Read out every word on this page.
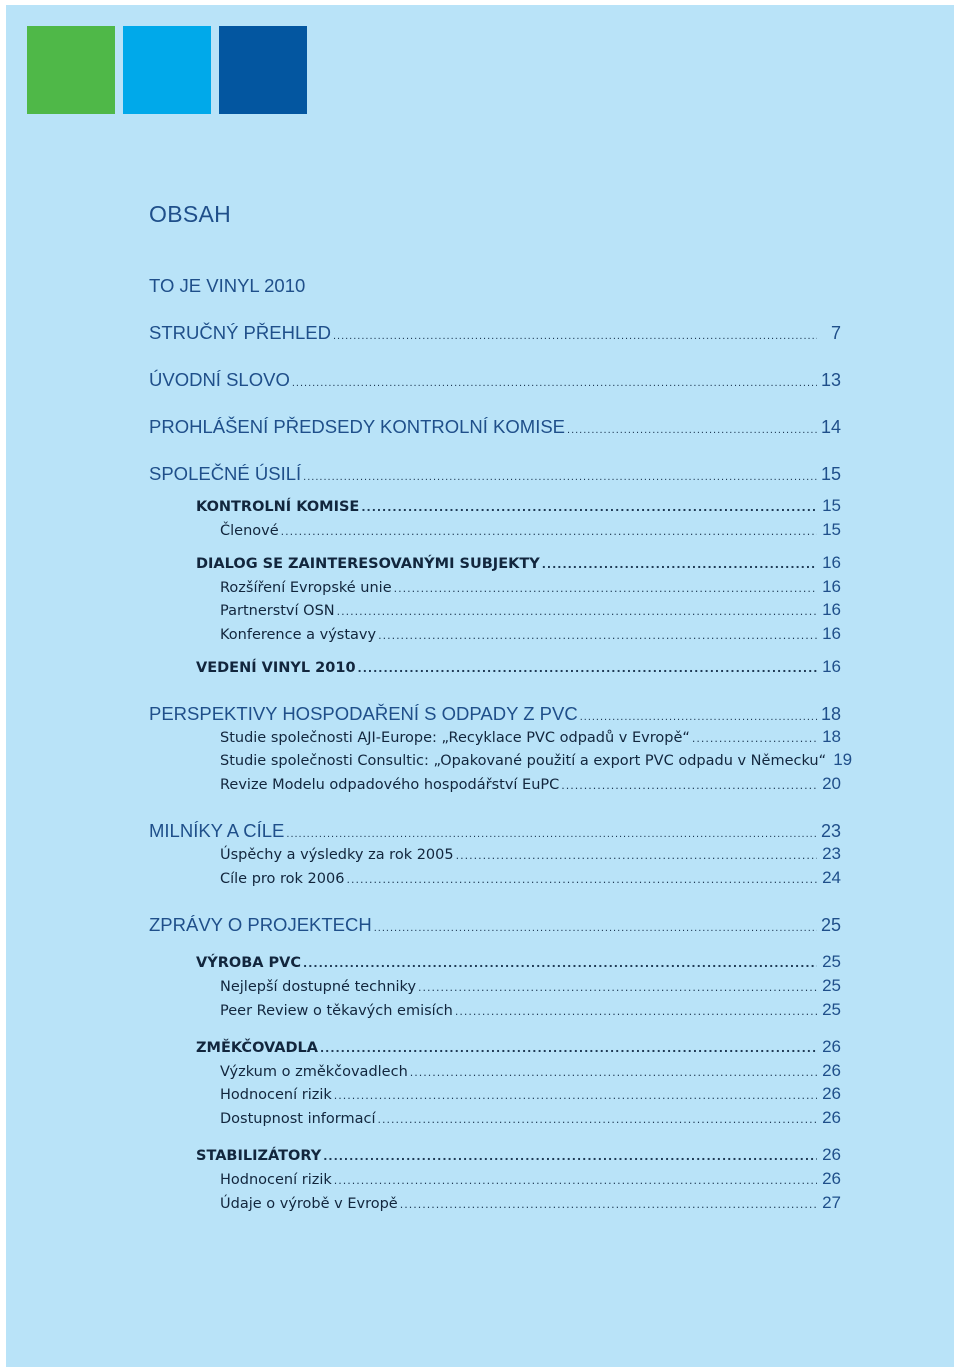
OBSAH
TO JE VINYL 2010
STRUČNÝ PŘEHLED .....	7
ÚVODNÍ SLOVO .....	13
PROHLÁŠENÍ PŘEDSEDY KONTROLNÍ KOMISE .....	14
SPOLEČNÉ ÚSILÍ .....	15
KONTROLNÍ KOMISE .....	15
Členové .....	15
DIALOG SE ZAINTERESOVANÝMI SUBJEKTY .....	16
Rozšíření Evropské unie .....	16
Partnerství OSN .....	16
Konference a výstavy .....	16
VEDENÍ VINYL 2010 .....	16
PERSPEKTIVY HOSPODAŘENÍ S ODPADY Z PVC .....	18
Studie společnosti AJI-Europe: „Recyklace PVC odpadů v Evropě“ .....	18
Studie společnosti Consultic: „Opakované použití a export PVC odpadu v Německu“ 19
Revize Modelu odpadového hospodářství EuPC .....	20
MILNÍKY A CÍLE .....	23
Úspěchy a výsledky za rok 2005 .....	23
Cíle pro rok 2006 .....	24
ZPRÁVY O PROJEKTECH .....	25
VÝROBA PVC .....	25
Nejlepší dostupné techniky .....	25
Peer Review o těkavých emisích .....	25
ZMĚKČOVADLA .....	26
Výzkum o změkčovadlech .....	26
Hodnocení rizik .....	26
Dostupnost informací .....	26
STABILIZÁTORY .....	26
Hodnocení rizik .....	26
Údaje o výrobě v Evropě .....	27
